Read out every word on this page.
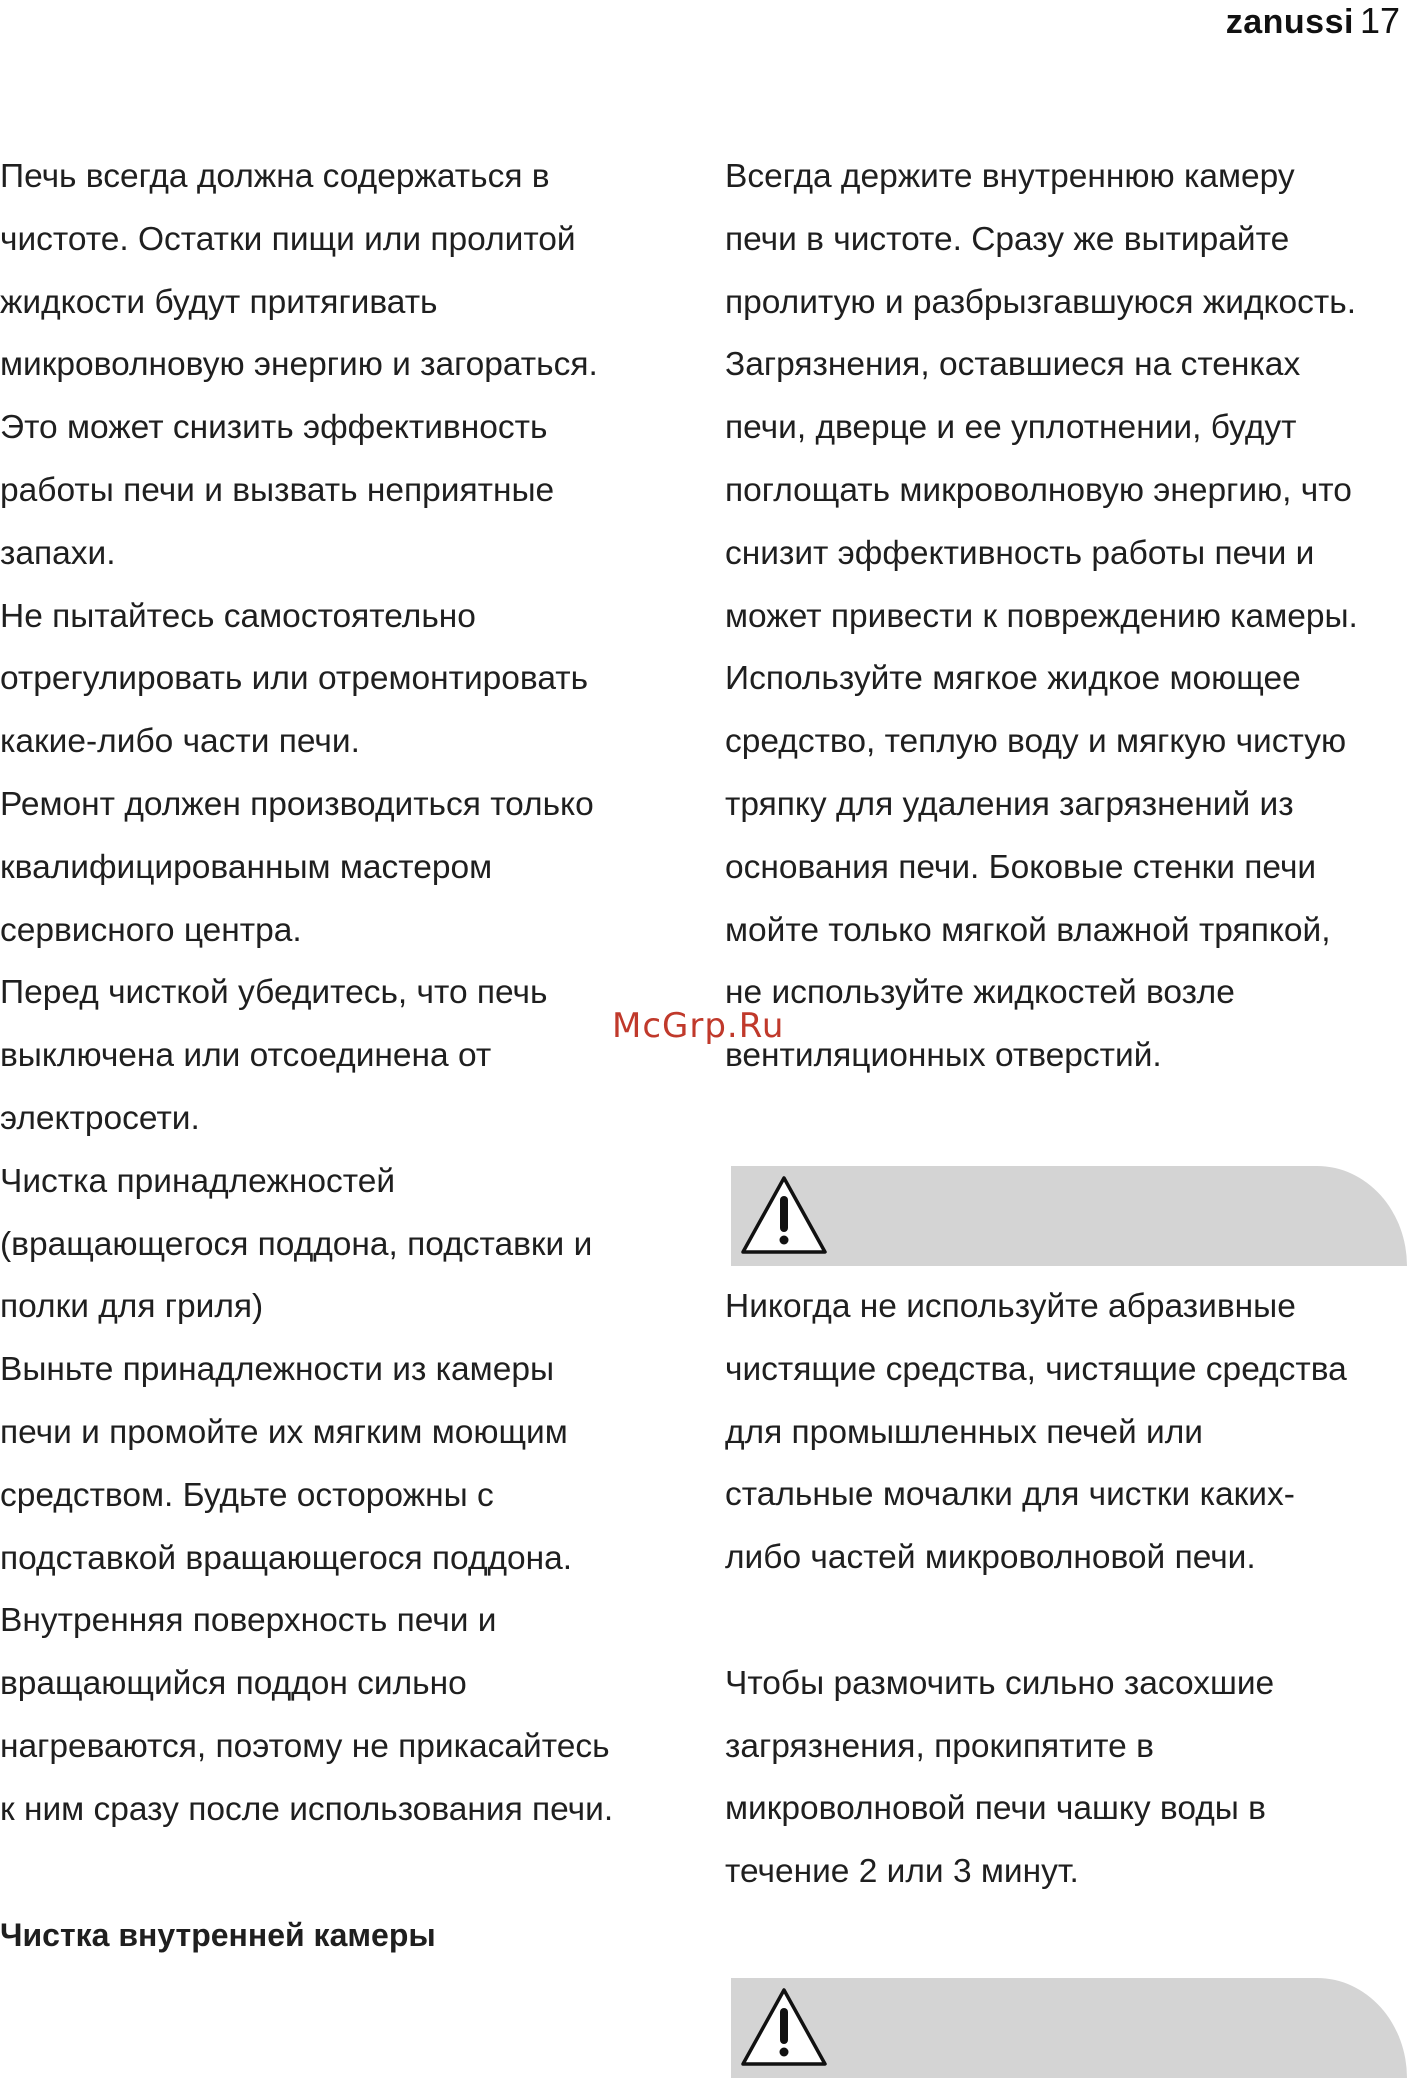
zanussi 17

Печь всегда должна содержаться в

чистоте. Остатки пищи или пролитой

жидкости будут притягивать

микроволновую энергию и загораться.

Это может снизить эффективность

работы печи и вызвать неприятные

запахи.

Не пытайтесь самостоятельно

отрегулировать или отремонтировать

какие-либо части печи.

Ремонт должен производиться только

квалифицированным мастером

сервисного центра.

Перед чисткой убедитесь, что печь

выключена или отсоединена от

электросети.

Чистка принадлежностей

(вращающегося поддона, подставки и

полки для гриля)

Выньте принадлежности из камеры

печи и промойте их мягким моющим

средством. Будьте осторожны с

подставкой вращающегося поддона.

Внутренняя поверхность печи и

вращающийся поддон сильно

нагреваются, поэтому не прикасайтесь

к ним сразу после использования печи.

Чистка внутренней камеры

Всегда держите внутреннюю камеру

печи в чистоте. Сразу же вытирайте

пролитую и разбрызгавшуюся жидкость.

Загрязнения, оставшиеся на стенках

печи, дверце и ее уплотнении, будут

поглощать микроволновую энергию, что

снизит эффективность работы печи и

может привести к повреждению камеры.

Используйте мягкое жидкое моющее

средство, теплую воду и мягкую чистую

тряпку для удаления загрязнений из

основания печи. Боковые стенки печи

мойте только мягкой влажной тряпкой,

не используйте жидкостей возле

вентиляционных отверстий.

Никогда не используйте абразивные

чистящие средства, чистящие средства

для промышленных печей или

стальные мочалки для чистки каких-

либо частей микроволновой печи.

Чтобы размочить сильно засохшие

загрязнения, прокипятите в

микроволновой печи чашку воды в

течение 2 или 3 минут.

McGrp.Ru
